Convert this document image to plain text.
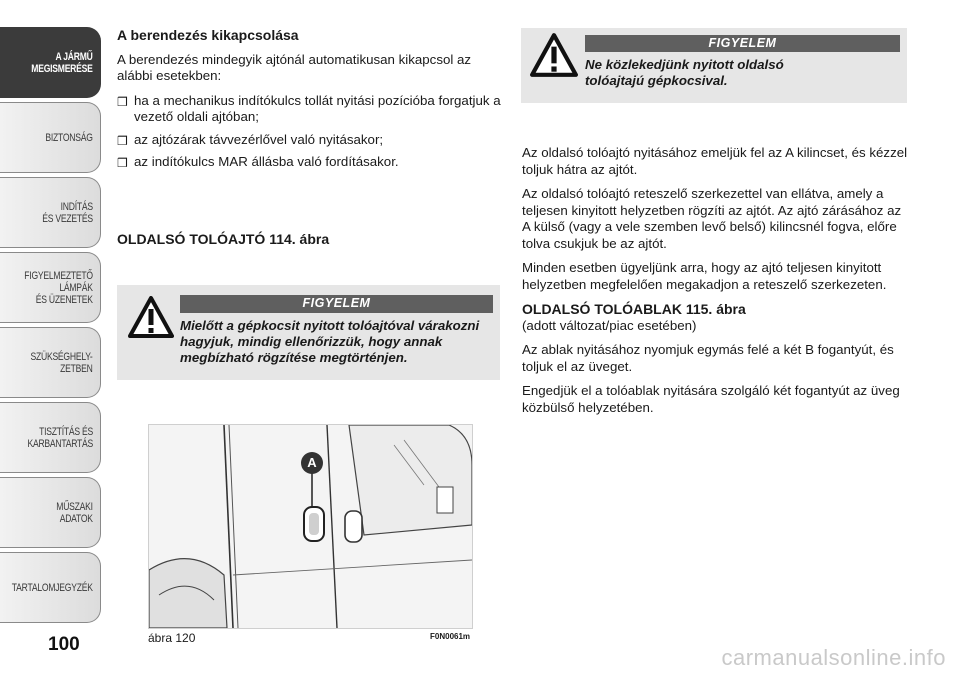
A JÁRMŰ
MEGISMERÉSE
BIZTONSÁG
INDÍTÁS
ÉS VEZETÉS
FIGYELMEZTETŐ
LÁMPÁK
ÉS ÜZENETEK
SZÜKSÉGHELY-
ZETBEN
TISZTÍTÁS ÉS
KARBANTARTÁS
MŰSZAKI
ADATOK
TARTALOMJEGYZÉK
100

A berendezés kikapcsolása

A berendezés mindegyik ajtónál automatikusan kikapcsol az alábbi esetekben:

❒ ha a mechanikus indítókulcs tollát nyitási pozícióba forgatjuk a vezető oldali ajtóban;
❒ az ajtózárak távvezérlővel való nyitásakor;
❒ az indítókulcs MAR állásba való fordításakor.
OLDALSÓ TOLÓAJTÓ 114. ábra
FIGYELEM
Mielőtt a gépkocsit nyitott tolóajtóval várakozni hagyjuk, mindig ellenőrizzük, hogy annak megbízható rögzítése megtörténjen.
A
ábra 120	F0N0061m
FIGYELEM
Ne közlekedjünk nyitott oldalsó tolóajtajú gépkocsival.

Az oldalsó tolóajtó nyitásához emeljük fel az A kilincset, és kézzel toljuk hátra az ajtót.

Az oldalsó tolóajtó reteszelő szerkezettel van ellátva, amely a teljesen kinyitott helyzetben rögzíti az ajtót. Az ajtó zárásához az A külső (vagy a vele szemben levő belső) kilincsnél fogva, előre tolva csukjuk be az ajtót.

Minden esetben ügyeljünk arra, hogy az ajtó teljesen kinyitott helyzetben megfelelően megakadjon a reteszelő szerkezeten.

OLDALSÓ TOLÓABLAK 115. ábra

(adott változat/piac esetében)

Az ablak nyitásához nyomjuk egymás felé a két B fogantyút, és toljuk el az üveget.

Engedjük el a tolóablak nyitására szolgáló két fogantyút az üveg közbülső helyzetében.

carmanualsonline.info
